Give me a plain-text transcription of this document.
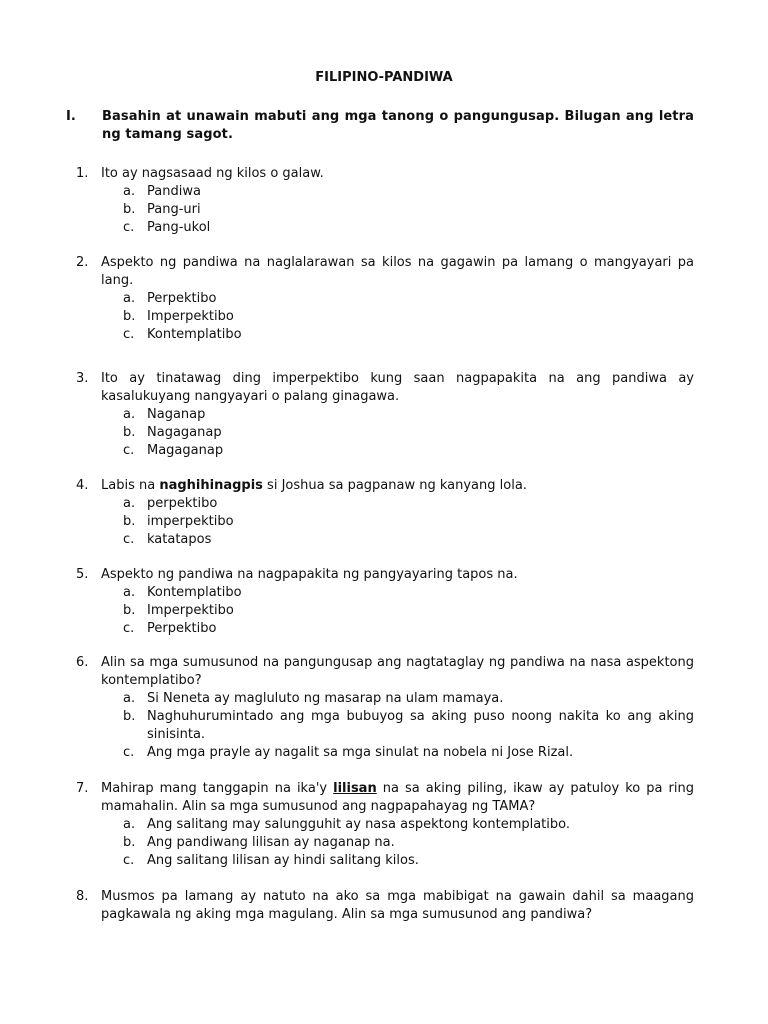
FILIPINO-PANDIWA
I. Basahin at unawain mabuti ang mga tanong o pangungusap. Bilugan ang letra ng tamang sagot.
1. Ito ay nagsasaad ng kilos o galaw.
a. Pandiwa
b. Pang-uri
c. Pang-ukol
2. Aspekto ng pandiwa na naglalarawan sa kilos na gagawin pa lamang o mangyayari pa lang.
a. Perpektibo
b. Imperpektibo
c. Kontemplatibo
3. Ito ay tinatawag ding imperpektibo kung saan nagpapakita na ang pandiwa ay kasalukuyang nangyayari o palang ginagawa.
a. Naganap
b. Nagaganap
c. Magaganap
4. Labis na naghihinagpis si Joshua sa pagpanaw ng kanyang lola.
a. perpektibo
b. imperpektibo
c. katatapos
5. Aspekto ng pandiwa na nagpapakita ng pangyayaring tapos na.
a. Kontemplatibo
b. Imperpektibo
c. Perpektibo
6. Alin sa mga sumusunod na pangungusap ang nagtataglay ng pandiwa na nasa aspektong kontemplatibo?
a. Si Neneta ay magluluto ng masarap na ulam mamaya.
b. Naghuhurumintado ang mga bubuyog sa aking puso noong nakita ko ang aking sinisinta.
c. Ang mga prayle ay nagalit sa mga sinulat na nobela ni Jose Rizal.
7. Mahirap mang tanggapin na ika'y lilisan na sa aking piling, ikaw ay patuloy ko pa ring mamahalin. Alin sa mga sumusunod ang nagpapahayag ng TAMA?
a. Ang salitang may salungguhit ay nasa aspektong kontemplatibo.
b. Ang pandiwang lilisan ay naganap na.
c. Ang salitang lilisan ay hindi salitang kilos.
8. Musmos pa lamang ay natuto na ako sa mga mabibigat na gawain dahil sa maagang pagkawala ng aking mga magulang. Alin sa mga sumusunod ang pandiwa?
